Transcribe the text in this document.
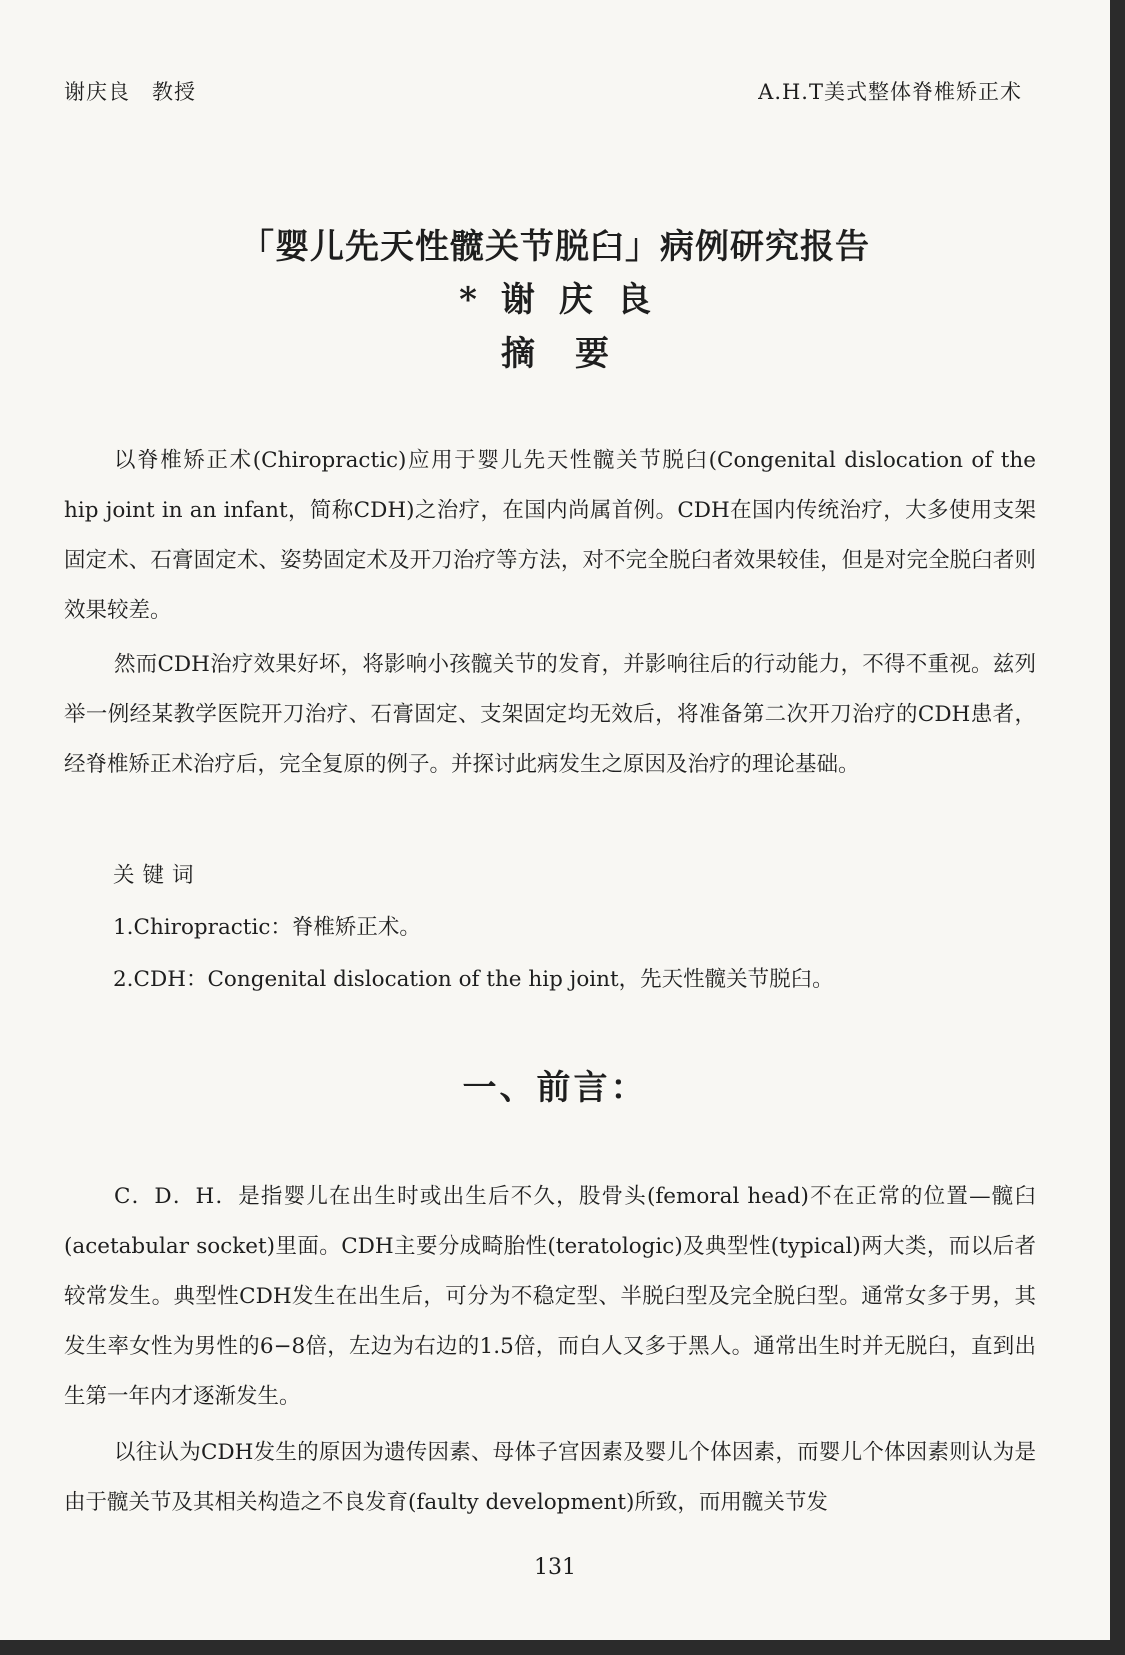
谢庆良 教授	A.H.T美式整体脊椎矫正术
「婴儿先天性髋关节脱臼」病例研究报告
*谢庆良
摘要

以脊椎矫正术(Chiropractic)应用于婴儿先天性髋关节脱臼(Congenital dislocation of the hip joint in an infant，简称CDH)之治疗，在国内尚属首例。CDH在国内传统治疗，大多使用支架固定术、石膏固定术、姿势固定术及开刀治疗等方法，对不完全脱臼者效果较佳，但是对完全脱臼者则效果较差。

然而CDH治疗效果好坏，将影响小孩髋关节的发育，并影响往后的行动能力，不得不重视。兹列举一例经某教学医院开刀治疗、石膏固定、支架固定均无效后，将准备第二次开刀治疗的CDH患者，经脊椎矫正术治疗后，完全复原的例子。并探讨此病发生之原因及治疗的理论基础。

关键词
1.Chiropractic：脊椎矫正术。
2.CDH：Congenital dislocation of the hip joint，先天性髋关节脱臼。
一、前言：

C．D．H．是指婴儿在出生时或出生后不久，股骨头(femoral head)不在正常的位置—髋臼(acetabular socket)里面。CDH主要分成畸胎性(teratologic)及典型性(typical)两大类，而以后者较常发生。典型性CDH发生在出生后，可分为不稳定型、半脱臼型及完全脱臼型。通常女多于男，其发生率女性为男性的6−8倍，左边为右边的1.5倍，而白人又多于黑人。通常出生时并无脱臼，直到出生第一年内才逐渐发生。

以往认为CDH发生的原因为遗传因素、母体子宫因素及婴儿个体因素，而婴儿个体因素则认为是由于髋关节及其相关构造之不良发育(faulty development)所致，而用髋关节发

131
